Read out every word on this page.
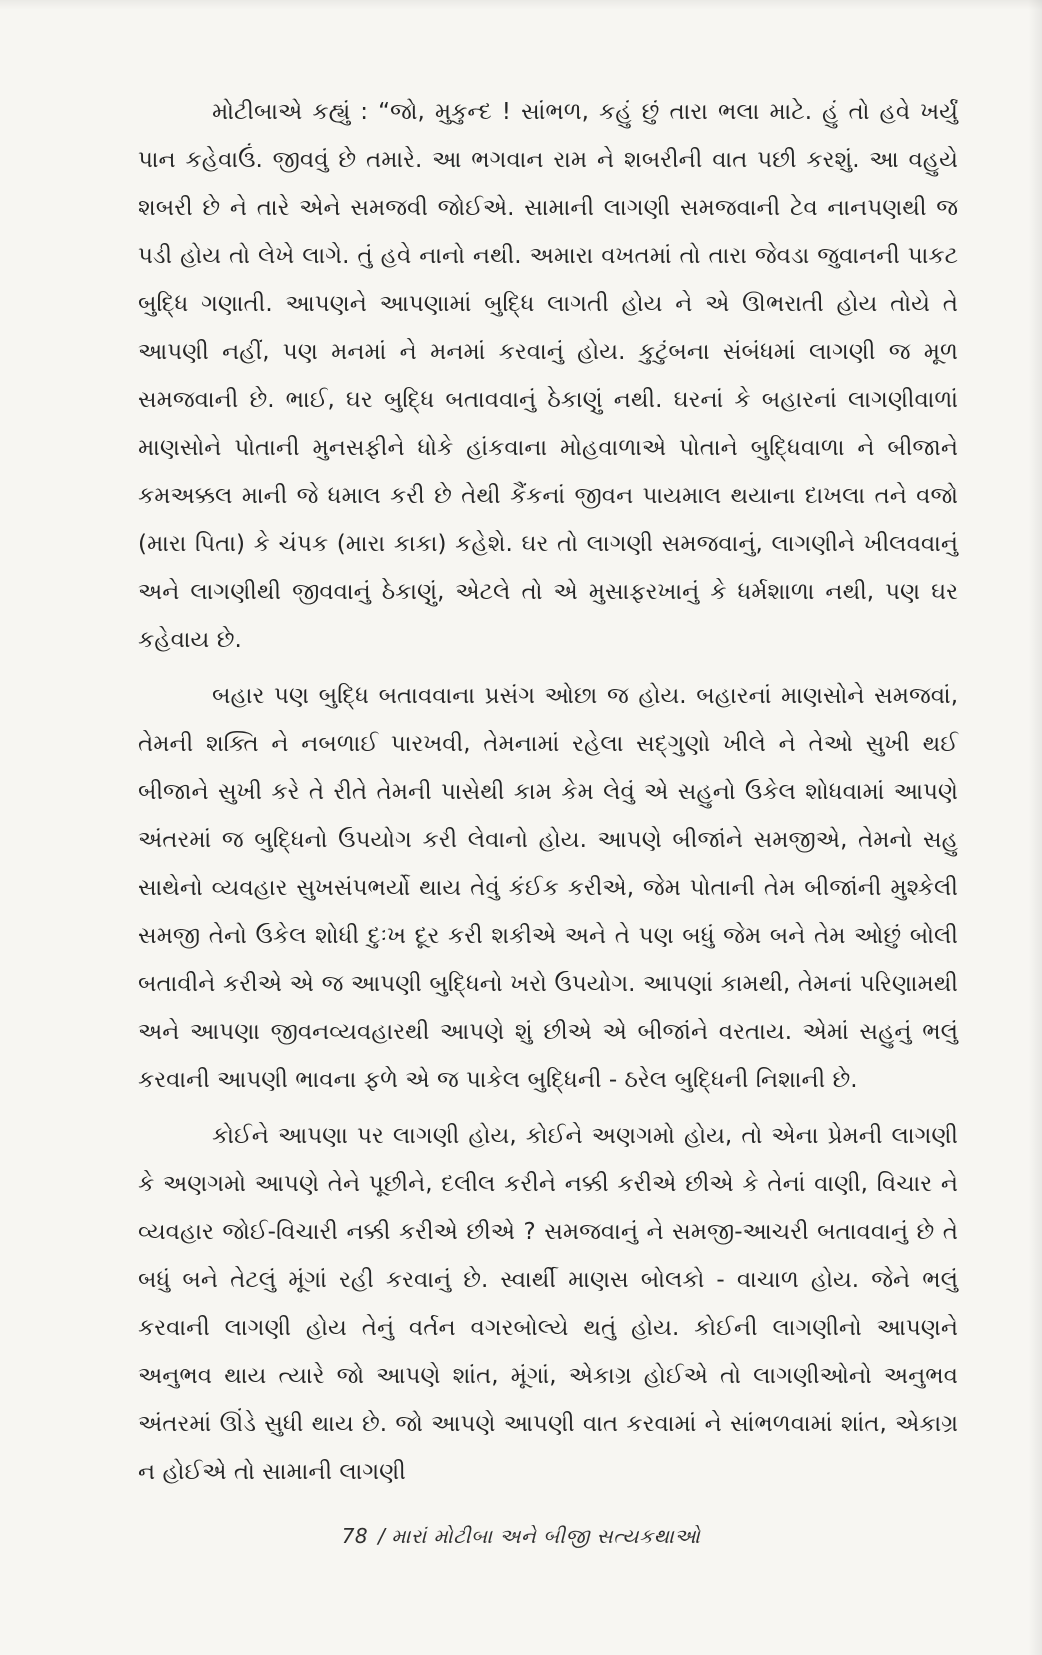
મોટીબાએ કહ્યું : “જો, મુકુન્દ ! સાંભળ, કહું છું તારા ભલા માટે. હું તો હવે ખર્યું પાન કહેવાઉં. જીવવું છે તમારે. આ ભગવાન રામ ને શબરીની વાત પછી કરશું. આ વહુયે શબરી છે ને તારે એને સમજવી જોઈએ. સામાની લાગણી સમજવાની ટેવ નાનપણથી જ પડી હોય તો લેખે લાગે. તું હવે નાનો નથી. અમારા વખતમાં તો તારા જેવડા જુવાનની પાકટ બુદ્ધિ ગણાતી. આપણને આપણામાં બુદ્ધિ લાગતી હોય ને એ ઊભરાતી હોય તોયે તે આપણી નહીં, પણ મનમાં ને મનમાં કરવાનું હોય. કુટુંબના સંબંધમાં લાગણી જ મૂળ સમજવાની છે. ભાઈ, ઘર બુદ્ધિ બતાવવાનું ઠેકાણું નથી. ઘરનાં કે બહારનાં લાગણીવાળાં માણસોને પોતાની મુનસફીને ધોકે હાંકવાના મોહવાળાએ પોતાને બુદ્ધિવાળા ને બીજાને કમઅક્કલ માની જે ધમાલ કરી છે તેથી કૈંકનાં જીવન પાયમાલ થયાના દાખલા તને વજો (મારા પિતા) કે ચંપક (મારા કાકા) કહેશે. ઘર તો લાગણી સમજવાનું, લાગણીને ખીલવવાનું અને લાગણીથી જીવવાનું ઠેકાણું, એટલે તો એ મુસાફરખાનું કે ધર્મશાળા નથી, પણ ઘર કહેવાય છે.

બહાર પણ બુદ્ધિ બતાવવાના પ્રસંગ ઓછા જ હોય. બહારનાં માણસોને સમજવાં, તેમની શક્તિ ને નબળાઈ પારખવી, તેમનામાં રહેલા સદ્ગુણો ખીલે ને તેઓ સુખી થઈ બીજાને સુખી કરે તે રીતે તેમની પાસેથી કામ કેમ લેવું એ સહુનો ઉકેલ શોધવામાં આપણે અંતરમાં જ બુદ્ધિનો ઉપયોગ કરી લેવાનો હોય. આપણે બીજાંને સમજીએ, તેમનો સહુ સાથેનો વ્યવહાર સુખસંપભર્યો થાય તેવું કંઈક કરીએ, જેમ પોતાની તેમ બીજાંની મુશ્કેલી સમજી તેનો ઉકેલ શોધી દુઃખ દૂર કરી શકીએ અને તે પણ બધું જેમ બને તેમ ઓછું બોલી બતાવીને કરીએ એ જ આપણી બુદ્ધિનો ખરો ઉપયોગ. આપણાં કામથી, તેમનાં પરિણામથી અને આપણા જીવનવ્યવહારથી આપણે શું છીએ એ બીજાંને વરતાય. એમાં સહુનું ભલું કરવાની આપણી ભાવના ફળે એ જ પાકેલ બુદ્ધિની - ઠરેલ બુદ્ધિની નિશાની છે.

કોઈને આપણા પર લાગણી હોય, કોઈને અણગમો હોય, તો એના પ્રેમની લાગણી કે અણગમો આપણે તેને પૂછીને, દલીલ કરીને નક્કી કરીએ છીએ કે તેનાં વાણી, વિચાર ને વ્યવહાર જોઈ-વિચારી નક્કી કરીએ છીએ ? સમજવાનું ને સમજી-આચરી બતાવવાનું છે તે બધું બને તેટલું મૂંગાં રહી કરવાનું છે. સ્વાર્થી માણસ બોલકો - વાચાળ હોય. જેને ભલું કરવાની લાગણી હોય તેનું વર્તન વગરબોલ્યે થતું હોય. કોઈની લાગણીનો આપણને અનુભવ થાય ત્યારે જો આપણે શાંત, મૂંગાં, એકાગ્ર હોઈએ તો લાગણીઓનો અનુભવ અંતરમાં ઊંડે સુધી થાય છે. જો આપણે આપણી વાત કરવામાં ને સાંભળવામાં શાંત, એકાગ્ર ન હોઈએ તો સામાની લાગણી

78 / મારાં મોટીબા અને બીજી સત્યકથાઓ
